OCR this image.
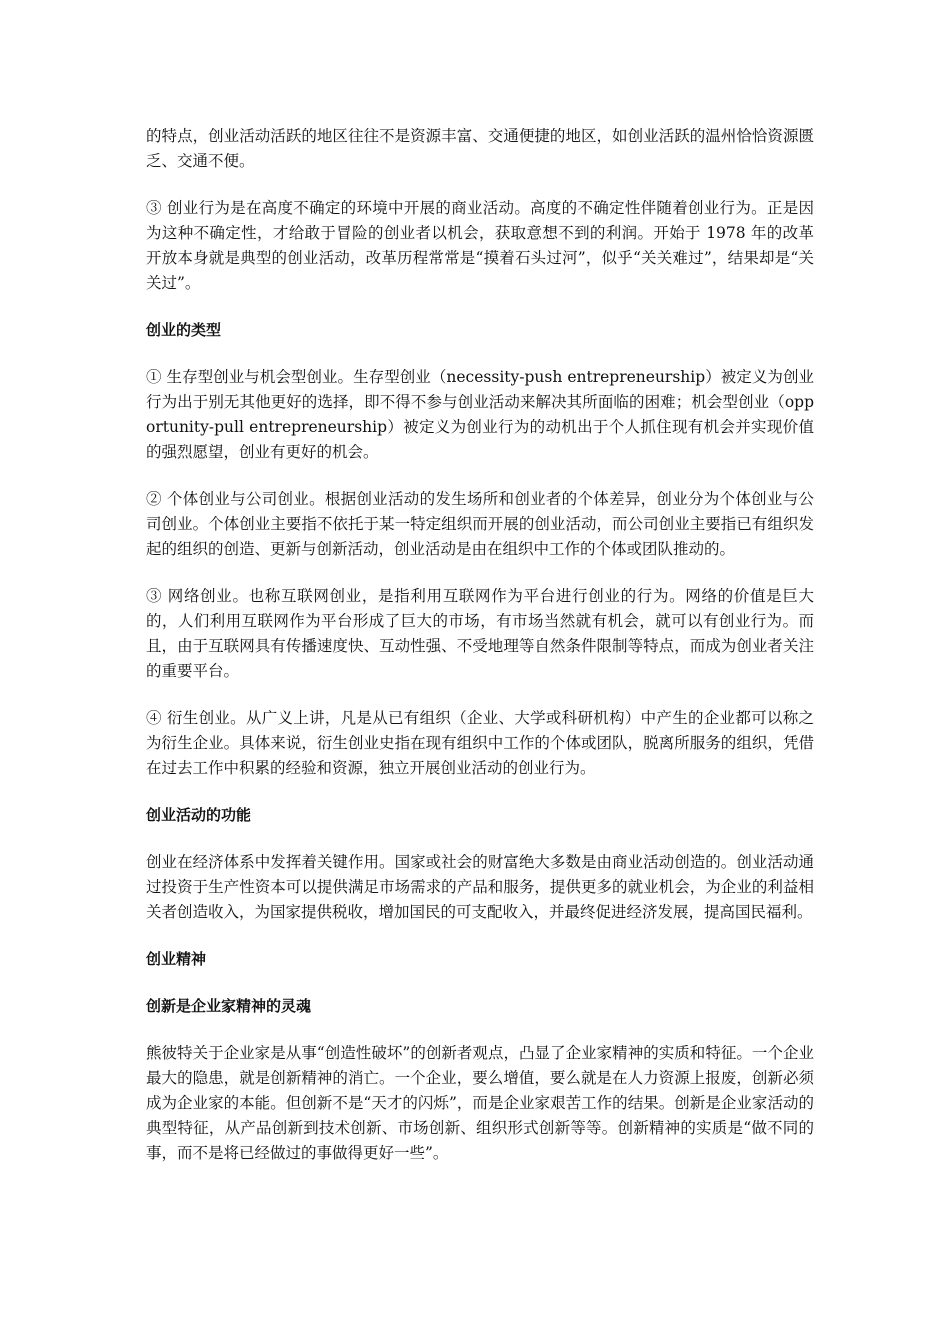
的特点，创业活动活跃的地区往往不是资源丰富、交通便捷的地区，如创业活跃的温州恰恰资源匮乏、交通不便。

③ 创业行为是在高度不确定的环境中开展的商业活动。高度的不确定性伴随着创业行为。正是因为这种不确定性，才给敢于冒险的创业者以机会，获取意想不到的利润。开始于 1978 年的改革开放本身就是典型的创业活动，改革历程常常是“摸着石头过河”，似乎“关关难过”，结果却是“关关过”。

创业的类型

① 生存型创业与机会型创业。生存型创业（necessity-push entrepreneurship）被定义为创业行为出于别无其他更好的选择，即不得不参与创业活动来解决其所面临的困难；机会型创业（opportunity-pull entrepreneurship）被定义为创业行为的动机出于个人抓住现有机会并实现价值的强烈愿望，创业有更好的机会。

② 个体创业与公司创业。根据创业活动的发生场所和创业者的个体差异，创业分为个体创业与公司创业。个体创业主要指不依托于某一特定组织而开展的创业活动，而公司创业主要指已有组织发起的组织的创造、更新与创新活动，创业活动是由在组织中工作的个体或团队推动的。

③ 网络创业。也称互联网创业，是指利用互联网作为平台进行创业的行为。网络的价值是巨大的，人们利用互联网作为平台形成了巨大的市场，有市场当然就有机会，就可以有创业行为。而且，由于互联网具有传播速度快、互动性强、不受地理等自然条件限制等特点，而成为创业者关注的重要平台。

④ 衍生创业。从广义上讲，凡是从已有组织（企业、大学或科研机构）中产生的企业都可以称之为衍生企业。具体来说，衍生创业史指在现有组织中工作的个体或团队，脱离所服务的组织，凭借在过去工作中积累的经验和资源，独立开展创业活动的创业行为。

创业活动的功能

创业在经济体系中发挥着关键作用。国家或社会的财富绝大多数是由商业活动创造的。创业活动通过投资于生产性资本可以提供满足市场需求的产品和服务，提供更多的就业机会，为企业的利益相关者创造收入，为国家提供税收，增加国民的可支配收入，并最终促进经济发展，提高国民福利。

创业精神

创新是企业家精神的灵魂

熊彼特关于企业家是从事“创造性破坏”的创新者观点，凸显了企业家精神的实质和特征。一个企业最大的隐患，就是创新精神的消亡。一个企业，要么增值，要么就是在人力资源上报废，创新必须成为企业家的本能。但创新不是“天才的闪烁”，而是企业家艰苦工作的结果。创新是企业家活动的典型特征，从产品创新到技术创新、市场创新、组织形式创新等等。创新精神的实质是“做不同的事，而不是将已经做过的事做得更好一些”。
